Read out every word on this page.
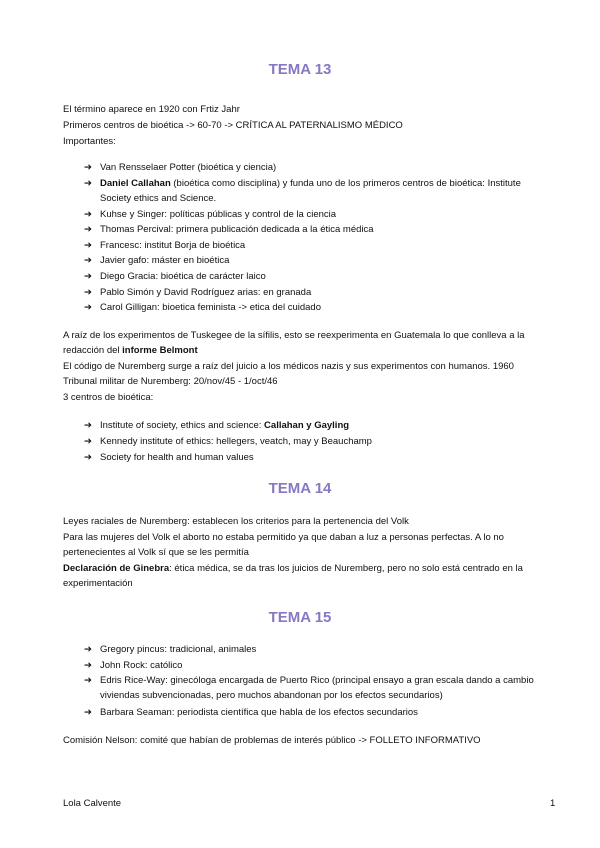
TEMA 13
El término aparece en 1920 con Frtiz Jahr
Primeros centros de bioética -> 60-70 -> CRÍTICA AL PATERNALISMO MÉDICO
Importantes:
➔ Van Rensselaer Potter (bioética y ciencia)
➔ Daniel Callahan (bioética como disciplina) y funda uno de los primeros centros de bioética: Institute Society ethics and Science.
➔ Kuhse y Singer: políticas públicas y control de la ciencia
➔ Thomas Percival: primera publicación dedicada a la ética médica
➔ Francesc: institut Borja de bioética
➔ Javier gafo: máster en bioética
➔ Diego Gracia: bioética de carácter laico
➔ Pablo Simón y David Rodríguez arias: en granada
➔ Carol Gilligan: bioetica feminista -> etica del cuidado
A raíz de los experimentos de Tuskegee de la sífilis, esto se reexperimenta en Guatemala lo que conlleva a la redacción del informe Belmont
El código de Nuremberg surge a raíz del juicio a los médicos nazis y sus experimentos con humanos. 1960
Tribunal militar de Nuremberg: 20/nov/45 - 1/oct/46
3 centros de bioética:
➔ Institute of society, ethics and science: Callahan y Gayling
➔ Kennedy institute of ethics: hellegers, veatch, may y Beauchamp
➔ Society for health and human values
TEMA 14
Leyes raciales de Nuremberg: establecen los criterios para la pertenencia del Volk
Para las mujeres del Volk el aborto no estaba permitido ya que daban a luz a personas perfectas. A lo no pertenecientes al Volk sí que se les permitía
Declaración de Ginebra: ética médica, se da tras los juicios de Nuremberg, pero no solo está centrado en la experimentación
TEMA 15
➔ Gregory pincus: tradicional, animales
➔ John Rock: católico
➔ Edris Rice-Way: ginecóloga encargada de Puerto Rico (principal ensayo a gran escala dando a cambio viviendas subvencionadas, pero muchos abandonan por los efectos secundarios)
➔ Barbara Seaman: periodista científica que habla de los efectos secundarios
Comisión Nelson: comité que habían de problemas de interés público -> FOLLETO INFORMATIVO
Lola Calvente	1
